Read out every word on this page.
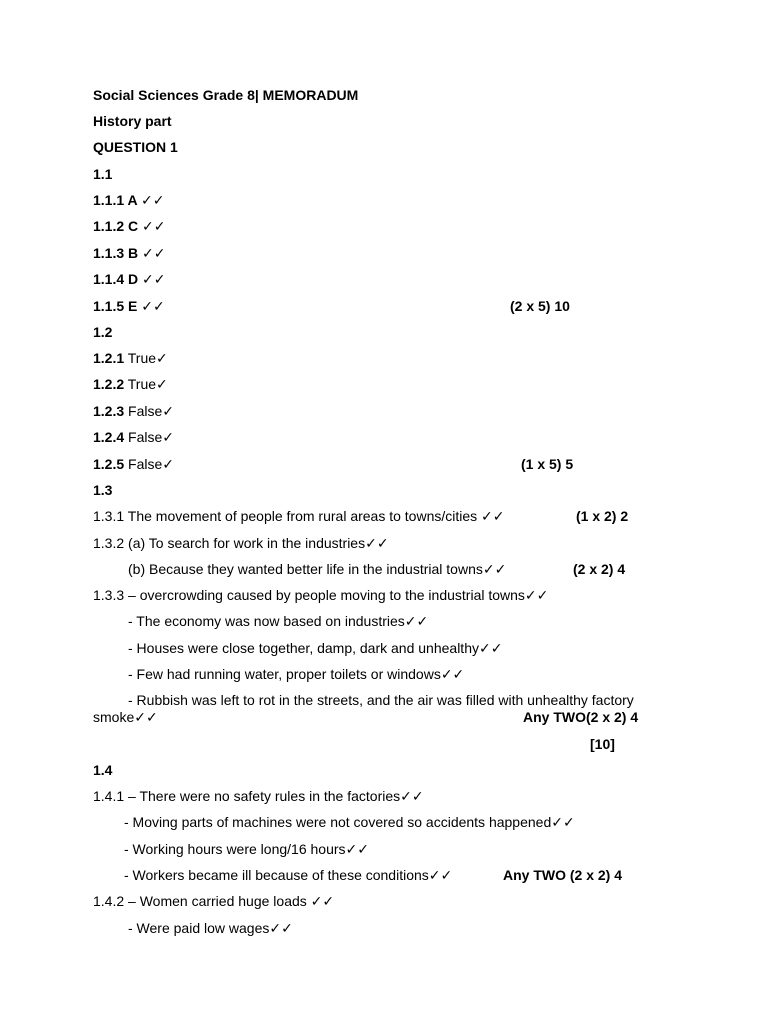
Social Sciences Grade 8| MEMORADUM
History part
QUESTION 1
1.1
1.1.1 A ✓✓
1.1.2 C ✓✓
1.1.3 B ✓✓
1.1.4 D ✓✓
1.1.5 E ✓✓	(2 x 5) 10
1.2
1.2.1 True✓
1.2.2 True✓
1.2.3 False✓
1.2.4 False✓
1.2.5 False✓	(1 x 5) 5
1.3
1.3.1 The movement of people from rural areas to towns/cities ✓✓	(1 x 2) 2
1.3.2 (a) To search for work in the industries✓✓
(b) Because they wanted better life in the industrial towns✓✓	(2 x 2) 4
1.3.3 – overcrowding caused by people moving to the industrial towns✓✓
- The economy was now based on industries✓✓
- Houses were close together, damp, dark and unhealthy✓✓
- Few had running water, proper toilets or windows✓✓
- Rubbish was left to rot in the streets, and the air was filled with unhealthy factory
smoke✓✓	Any TWO(2 x 2) 4
[10]
1.4
1.4.1 – There were no safety rules in the factories✓✓
- Moving parts of machines were not covered so accidents happened✓✓
- Working hours were long/16 hours✓✓
- Workers became ill because of these conditions✓✓	Any TWO (2 x 2) 4
1.4.2 – Women carried huge loads ✓✓
- Were paid low wages✓✓
